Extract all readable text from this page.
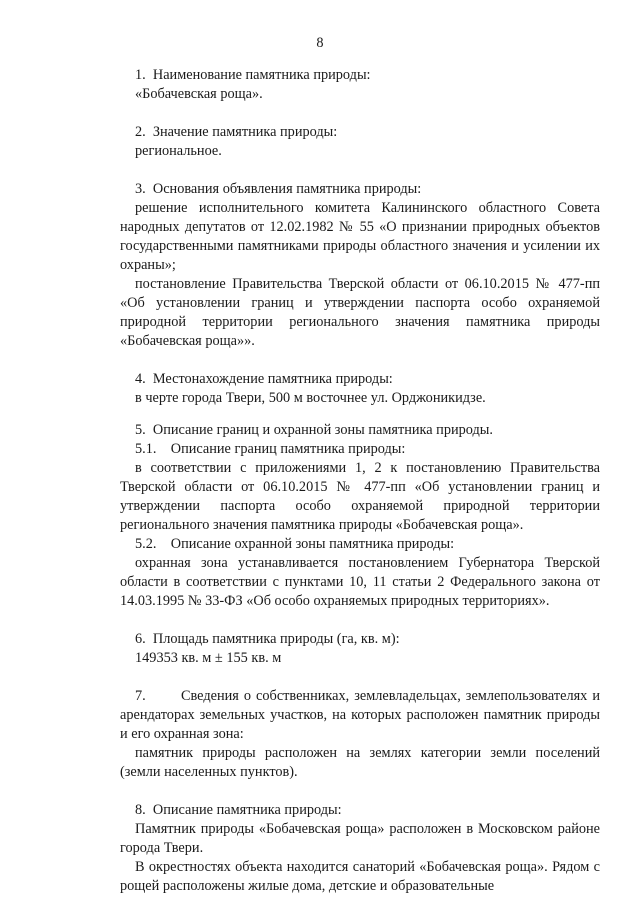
8

1.  Наименование памятника природы:

«Бобачевская роща».

2.  Значение памятника природы:

региональное.

3.  Основания объявления памятника природы:

решение исполнительного комитета Калининского областного Совета народных депутатов от 12.02.1982 № 55 «О признании природных объектов государственными памятниками природы областного значения и усилении их охраны»;

постановление Правительства Тверской области от 06.10.2015 № 477-пп «Об установлении границ и утверждении паспорта особо охраняемой природной территории регионального значения памятника природы «Бобачевская роща»».

4.  Местонахождение памятника природы:

в черте города Твери, 500 м восточнее ул. Орджоникидзе.

5.  Описание границ и охранной зоны памятника природы.

5.1.    Описание границ памятника природы:

в соответствии с приложениями 1, 2 к постановлению Правительства Тверской области от 06.10.2015 № 477-пп «Об установлении границ и утверждении паспорта особо охраняемой природной территории регионального значения памятника природы «Бобачевская роща».

5.2.    Описание охранной зоны памятника природы:

охранная зона устанавливается постановлением Губернатора Тверской области в соответствии с пунктами 10, 11 статьи 2 Федерального закона от 14.03.1995 № 33-ФЗ «Об особо охраняемых природных территориях».

6.  Площадь памятника природы (га, кв. м):

149353 кв. м ± 155 кв. м

7.       Сведения о собственниках, землевладельцах, землепользователях и арендаторах земельных участков, на которых расположен памятник природы и его охранная зона:

памятник природы расположен на землях категории земли поселений (земли населенных пунктов).

8.  Описание памятника природы:

Памятник природы «Бобачевская роща» расположен в Московском районе города Твери.

В окрестностях объекта находится санаторий «Бобачевская роща». Рядом с рощей расположены жилые дома, детские и образовательные
